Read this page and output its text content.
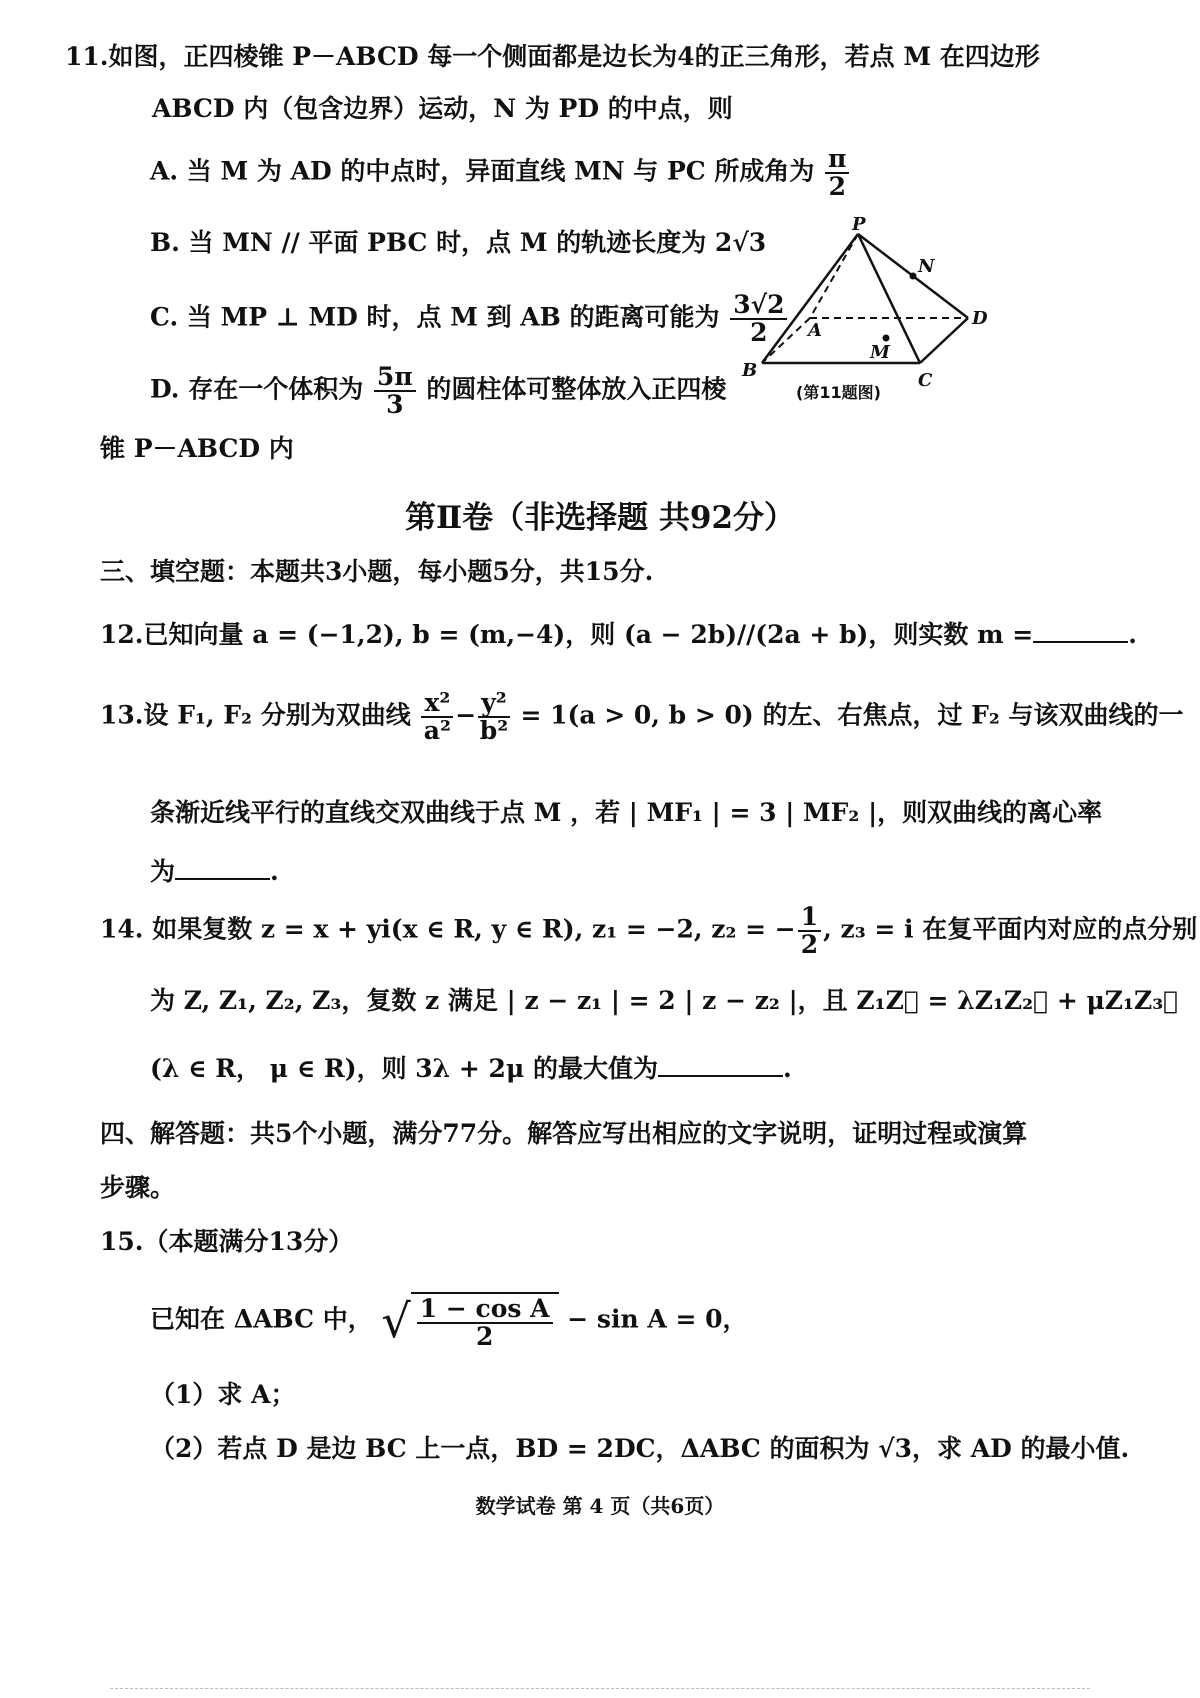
11.如图，正四棱锥 P－ABCD 每一个侧面都是边长为4的正三角形，若点 M 在四边形
ABCD 内（包含边界）运动，N 为 PD 的中点，则
A. 当 M 为 AD 的中点时，异面直线 MN 与 PC 所成角为 $\frac{\pi}{2}$
B. 当 MN // 平面 PBC 时，点 M 的轨迹长度为 2√3
C. 当 MP ⊥ MD 时，点 M 到 AB 的距离可能为 $\frac{3√2}{2}$
D. 存在一个体积为 $\frac{5\pi}{3}$ 的圆柱体可整体放入正四棱
锥 P－ABCD 内
P
N
A
D
M
B	C
(第11题图)
第Ⅱ卷（非选择题 共92分）
三、填空题：本题共3小题，每小题5分，共15分.
12.已知向量 a = (−1,2), b = (m,−4)，则 (a − 2b)//(2a + b)，则实数 m =	.
13.设 F₁, F₂ 分别为双曲线 $\frac{\text{x²}}{\text{a²}} - \frac{\text{y²}}{\text{b²}} = 1(a > 0$, b > 0) 的左、右焦点，过 F₂ 与该双曲线的一
条渐近线平行的直线交双曲线于点 M ，若 | MF₁ | = 3 | MF₂ |，则双曲线的离心率
为	.
14. 如果复数 z = x + yi(x ∈ R, y ∈ R), z₁ = −2, z₂ = − $\frac{1}{2}$ , z₃ = i 在复平面内对应的点分别
为 Z, Z₁, Z₂, Z₃，复数 z 满足 | z − z₁ | = 2 | z − z₂ |，且 Z₁Z⃗ = λZ₁Z₂⃗ + μZ₁Z₃⃗
(λ ∈ R， μ ∈ R)，则 3λ + 2μ 的最大值为	.
四、解答题：共5个小题，满分77分。解答应写出相应的文字说明，证明过程或演算
步骤。
15.（本题满分13分）
已知在 ΔABC 中， √ $\frac{\text{1 − cos A}}{2} - \sin A = 0$，
（1）求 A；
（2）若点 D 是边 BC 上一点，BD = 2DC，ΔABC 的面积为 √3，求 AD 的最小值.
数学试卷 第 4 页（共6页）
